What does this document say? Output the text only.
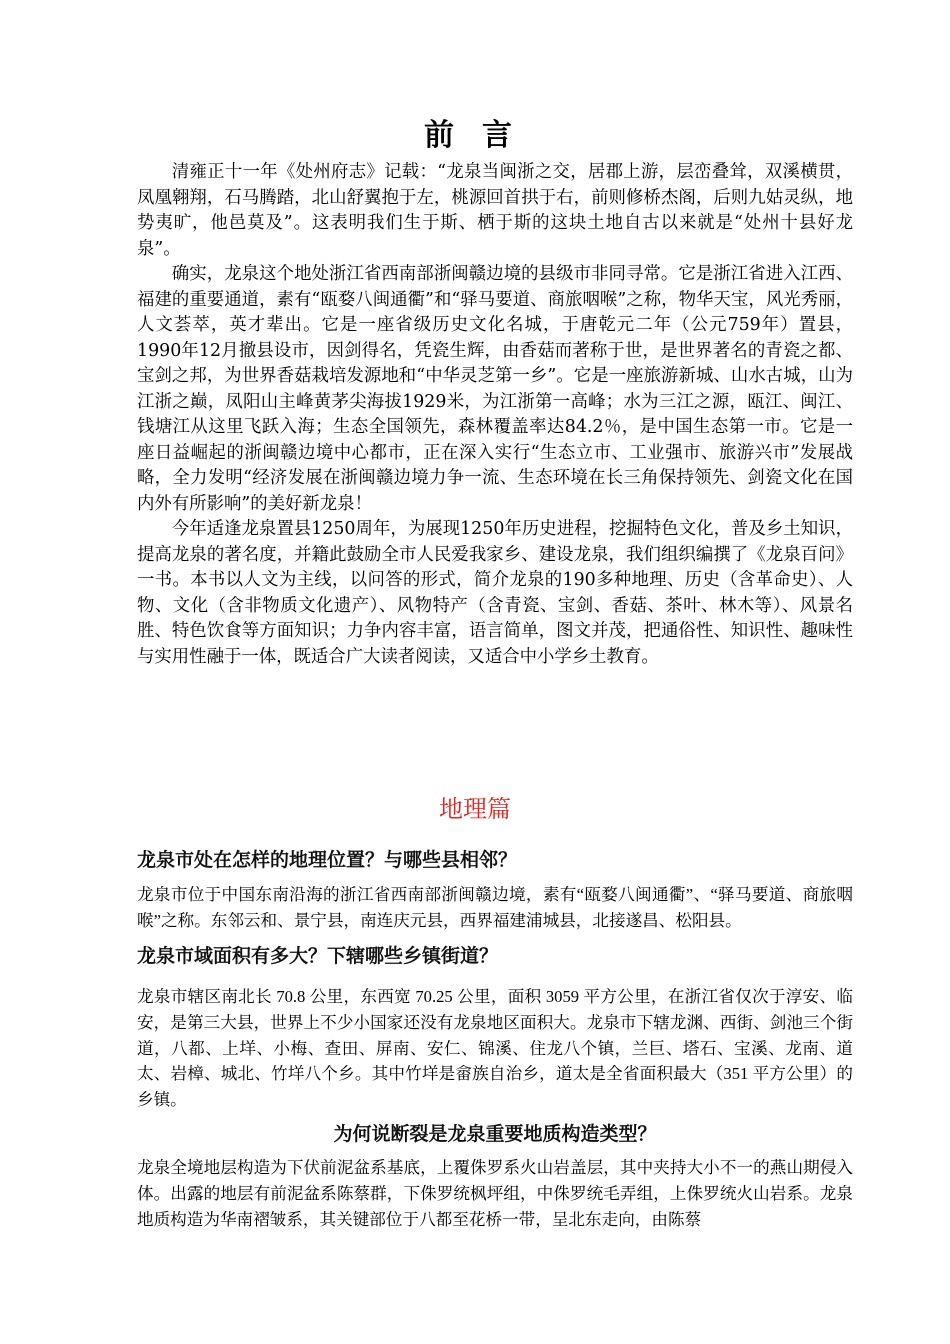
前言

清雍正十一年《处州府志》记载：“龙泉当闽浙之交，居郡上游，层峦叠耸，双溪横贯，凤凰翱翔，石马腾踏，北山舒翼抱于左，桃源回首拱于右，前则修桥杰阁，后则九姑灵纵，地势夷旷，他邑莫及”。这表明我们生于斯、栖于斯的这块土地自古以来就是“处州十县好龙泉”。

确实，龙泉这个地处浙江省西南部浙闽赣边境的县级市非同寻常。它是浙江省进入江西、福建的重要通道，素有“瓯婺八闽通衢”和“驿马要道、商旅咽喉”之称，物华天宝，风光秀丽，人文荟萃，英才辈出。它是一座省级历史文化名城，于唐乾元二年（公元759年）置县，1990年12月撤县设市，因剑得名，凭瓷生辉，由香菇而著称于世，是世界著名的青瓷之都、宝剑之邦，为世界香菇栽培发源地和“中华灵芝第一乡”。它是一座旅游新城、山水古城，山为江浙之巅，凤阳山主峰黄茅尖海拔1929米，为江浙第一高峰；水为三江之源，瓯江、闽江、钱塘江从这里飞跃入海；生态全国领先，森林覆盖率达84.2％，是中国生态第一市。它是一座日益崛起的浙闽赣边境中心都市，正在深入实行“生态立市、工业强市、旅游兴市”发展战略，全力发明“经济发展在浙闽赣边境力争一流、生态环境在长三角保持领先、剑瓷文化在国内外有所影响”的美好新龙泉！

今年适逢龙泉置县1250周年，为展现1250年历史进程，挖掘特色文化，普及乡土知识，提高龙泉的著名度，并籍此鼓励全市人民爱我家乡、建设龙泉，我们组织编撰了《龙泉百问》一书。本书以人文为主线，以问答的形式，简介龙泉的190多种地理、历史（含革命史）、人物、文化（含非物质文化遗产）、风物特产（含青瓷、宝剑、香菇、茶叶、林木等）、风景名胜、特色饮食等方面知识；力争内容丰富，语言简单，图文并茂，把通俗性、知识性、趣味性与实用性融于一体，既适合广大读者阅读，又适合中小学乡土教育。

地理篇
龙泉市处在怎样的地理位置？与哪些县相邻？

龙泉市位于中国东南沿海的浙江省西南部浙闽赣边境，素有“瓯婺八闽通衢”、“驿马要道、商旅咽喉”之称。东邻云和、景宁县，南连庆元县，西界福建浦城县，北接遂昌、松阳县。

龙泉市域面积有多大？下辖哪些乡镇街道？

龙泉市辖区南北长 70.8 公里，东西宽 70.25 公里，面积 3059 平方公里，在浙江省仅次于淳安、临安，是第三大县，世界上不少小国家还没有龙泉地区面积大。龙泉市下辖龙渊、西街、剑池三个街道，八都、上垟、小梅、查田、屏南、安仁、锦溪、住龙八个镇，兰巨、塔石、宝溪、龙南、道太、岩樟、城北、竹垟八个乡。其中竹垟是畲族自治乡，道太是全省面积最大（351 平方公里）的乡镇。

为何说断裂是龙泉重要地质构造类型？

龙泉全境地层构造为下伏前泥盆系基底，上覆侏罗系火山岩盖层，其中夹持大小不一的燕山期侵入体。出露的地层有前泥盆系陈蔡群，下侏罗统枫坪组，中侏罗统毛弄组，上侏罗统火山岩系。龙泉地质构造为华南褶皱系，其关键部位于八都至花桥一带，呈北东走向，由陈蔡
